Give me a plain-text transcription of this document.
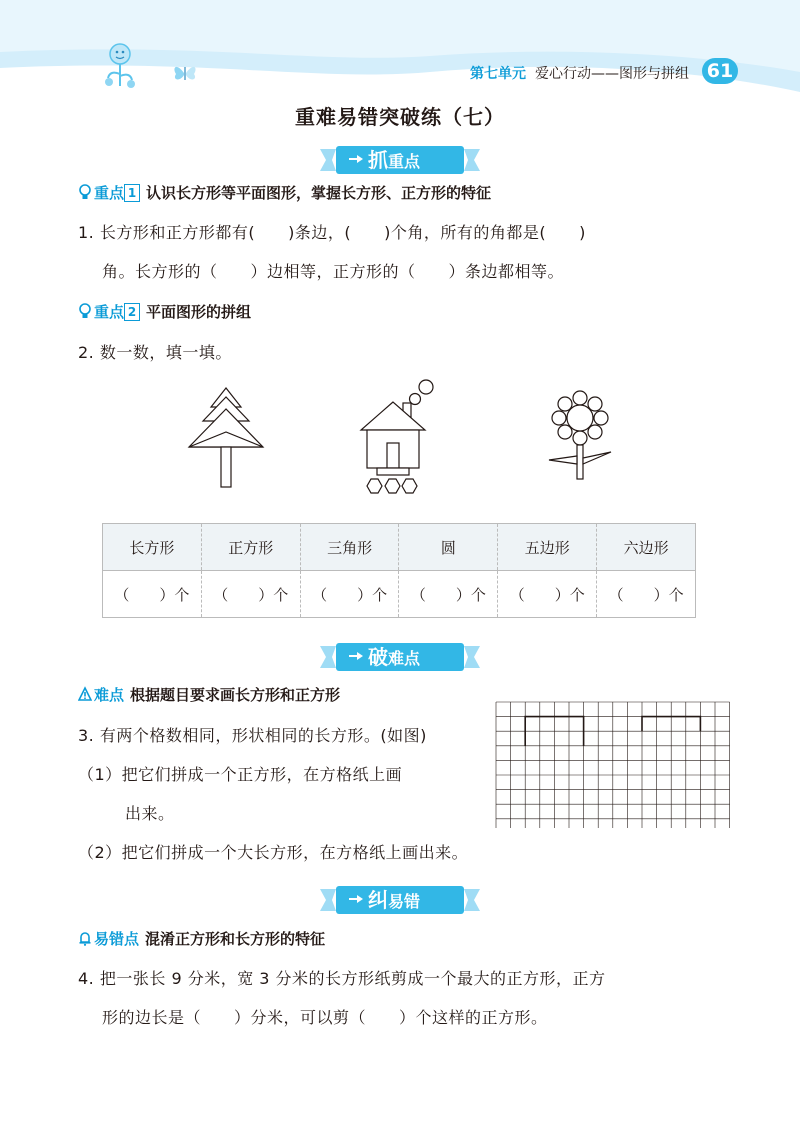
第七单元 爱心行动——图形与拼组 61
重难易错突破练（七）
抓重点
重点 1 认识长方形等平面图形，掌握长方形、正方形的特征
1. 长方形和正方形都有(　　)条边，(　　)个角，所有的角都是(　　)
角。长方形的（　　）边相等，正方形的（　　）条边都相等。
重点 2 平面图形的拼组
2. 数一数，填一填。
长方形	正方形	三角形	圆	五边形	六边形
（　　）个	（　　）个	（　　）个	（　　）个	（　　）个	（　　）个
破难点
难点 根据题目要求画长方形和正方形
3. 有两个格数相同，形状相同的长方形。(如图)
（1）把它们拼成一个正方形，在方格纸上画
出来。
（2）把它们拼成一个大长方形，在方格纸上画出来。
纠易错
易错点 混淆正方形和长方形的特征
4. 把一张长 9 分米，宽 3 分米的长方形纸剪成一个最大的正方形，正方
形的边长是（　　）分米，可以剪（　　）个这样的正方形。
